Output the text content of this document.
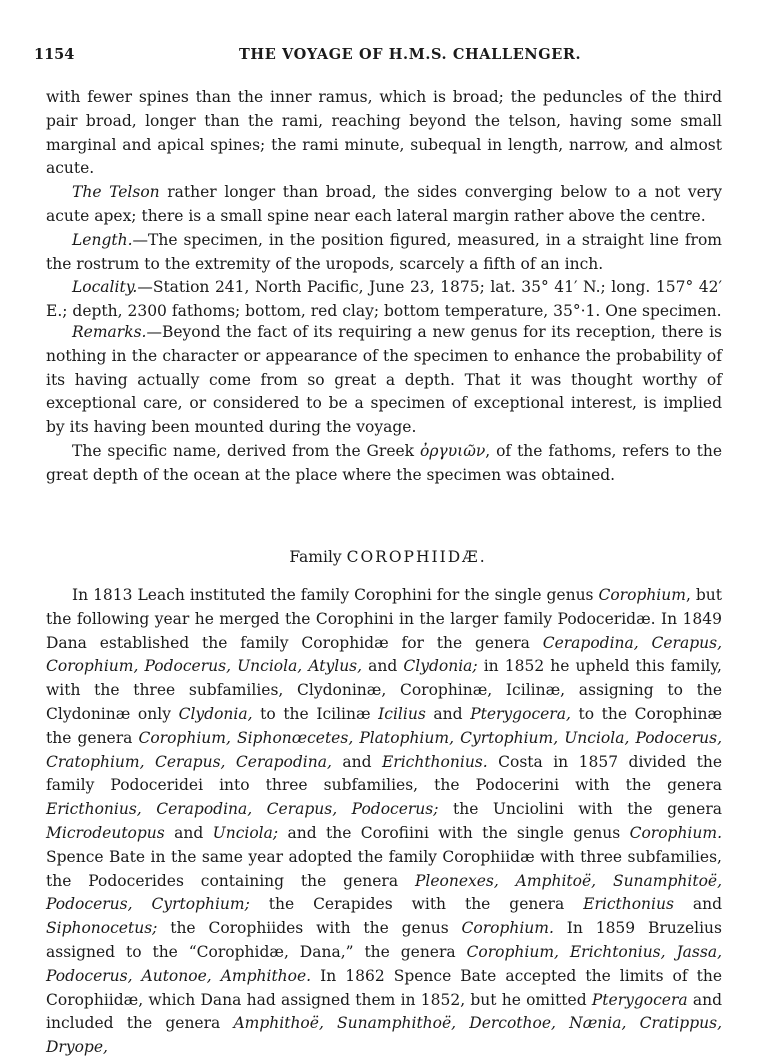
1154	THE VOYAGE OF H.M.S. CHALLENGER.

with fewer spines than the inner ramus, which is broad; the peduncles of the third pair broad, longer than the rami, reaching beyond the telson, having some small marginal and apical spines; the rami minute, subequal in length, narrow, and almost acute.

The Telson rather longer than broad, the sides converging below to a not very acute apex; there is a small spine near each lateral margin rather above the centre.

Length.—The specimen, in the position figured, measured, in a straight line from the rostrum to the extremity of the uropods, scarcely a fifth of an inch.

Locality.—Station 241, North Pacific, June 23, 1875; lat. 35° 41′ N.; long. 157° 42′ E.; depth, 2300 fathoms; bottom, red clay; bottom temperature, 35°·1. One specimen.

Remarks.—Beyond the fact of its requiring a new genus for its reception, there is nothing in the character or appearance of the specimen to enhance the probability of its having actually come from so great a depth. That it was thought worthy of exceptional care, or considered to be a specimen of exceptional interest, is implied by its having been mounted during the voyage.

The specific name, derived from the Greek ὀργυιῶν, of the fathoms, refers to the great depth of the ocean at the place where the specimen was obtained.

Family COROPHIIDÆ.

In 1813 Leach instituted the family Corophini for the single genus Corophium, but the following year he merged the Corophini in the larger family Podoceridæ. In 1849 Dana established the family Corophidæ for the genera Cerapodina, Cerapus, Corophium, Podocerus, Unciola, Atylus, and Clydonia; in 1852 he upheld this family, with the three subfamilies, Clydoninæ, Corophinæ, Icilinæ, assigning to the Clydoninæ only Clydonia, to the Icilinæ Icilius and Pterygocera, to the Corophinæ the genera Corophium, Siphonœcetes, Platophium, Cyrtophium, Unciola, Podocerus, Cratophium, Cerapus, Cerapodina, and Erichthonius. Costa in 1857 divided the family Podoceridei into three subfamilies, the Podocerini with the genera Ericthonius, Cerapodina, Cerapus, Podocerus; the Unciolini with the genera Microdeutopus and Unciola; and the Corofiini with the single genus Corophium. Spence Bate in the same year adopted the family Corophiidæ with three subfamilies, the Podocerides containing the genera Pleonexes, Amphitoë, Sunamphitoë, Podocerus, Cyrtophium; the Cerapides with the genera Ericthonius and Siphonocetus; the Corophiides with the genus Corophium. In 1859 Bruzelius assigned to the “Corophidæ, Dana,” the genera Corophium, Erichtonius, Jassa, Podocerus, Autonoe, Amphithoe. In 1862 Spence Bate accepted the limits of the Corophiidæ, which Dana had assigned them in 1852, but he omitted Pterygocera and included the genera Amphithoë, Sunamphithoë, Dercothoe, Nænia, Cratippus, Dryope,
